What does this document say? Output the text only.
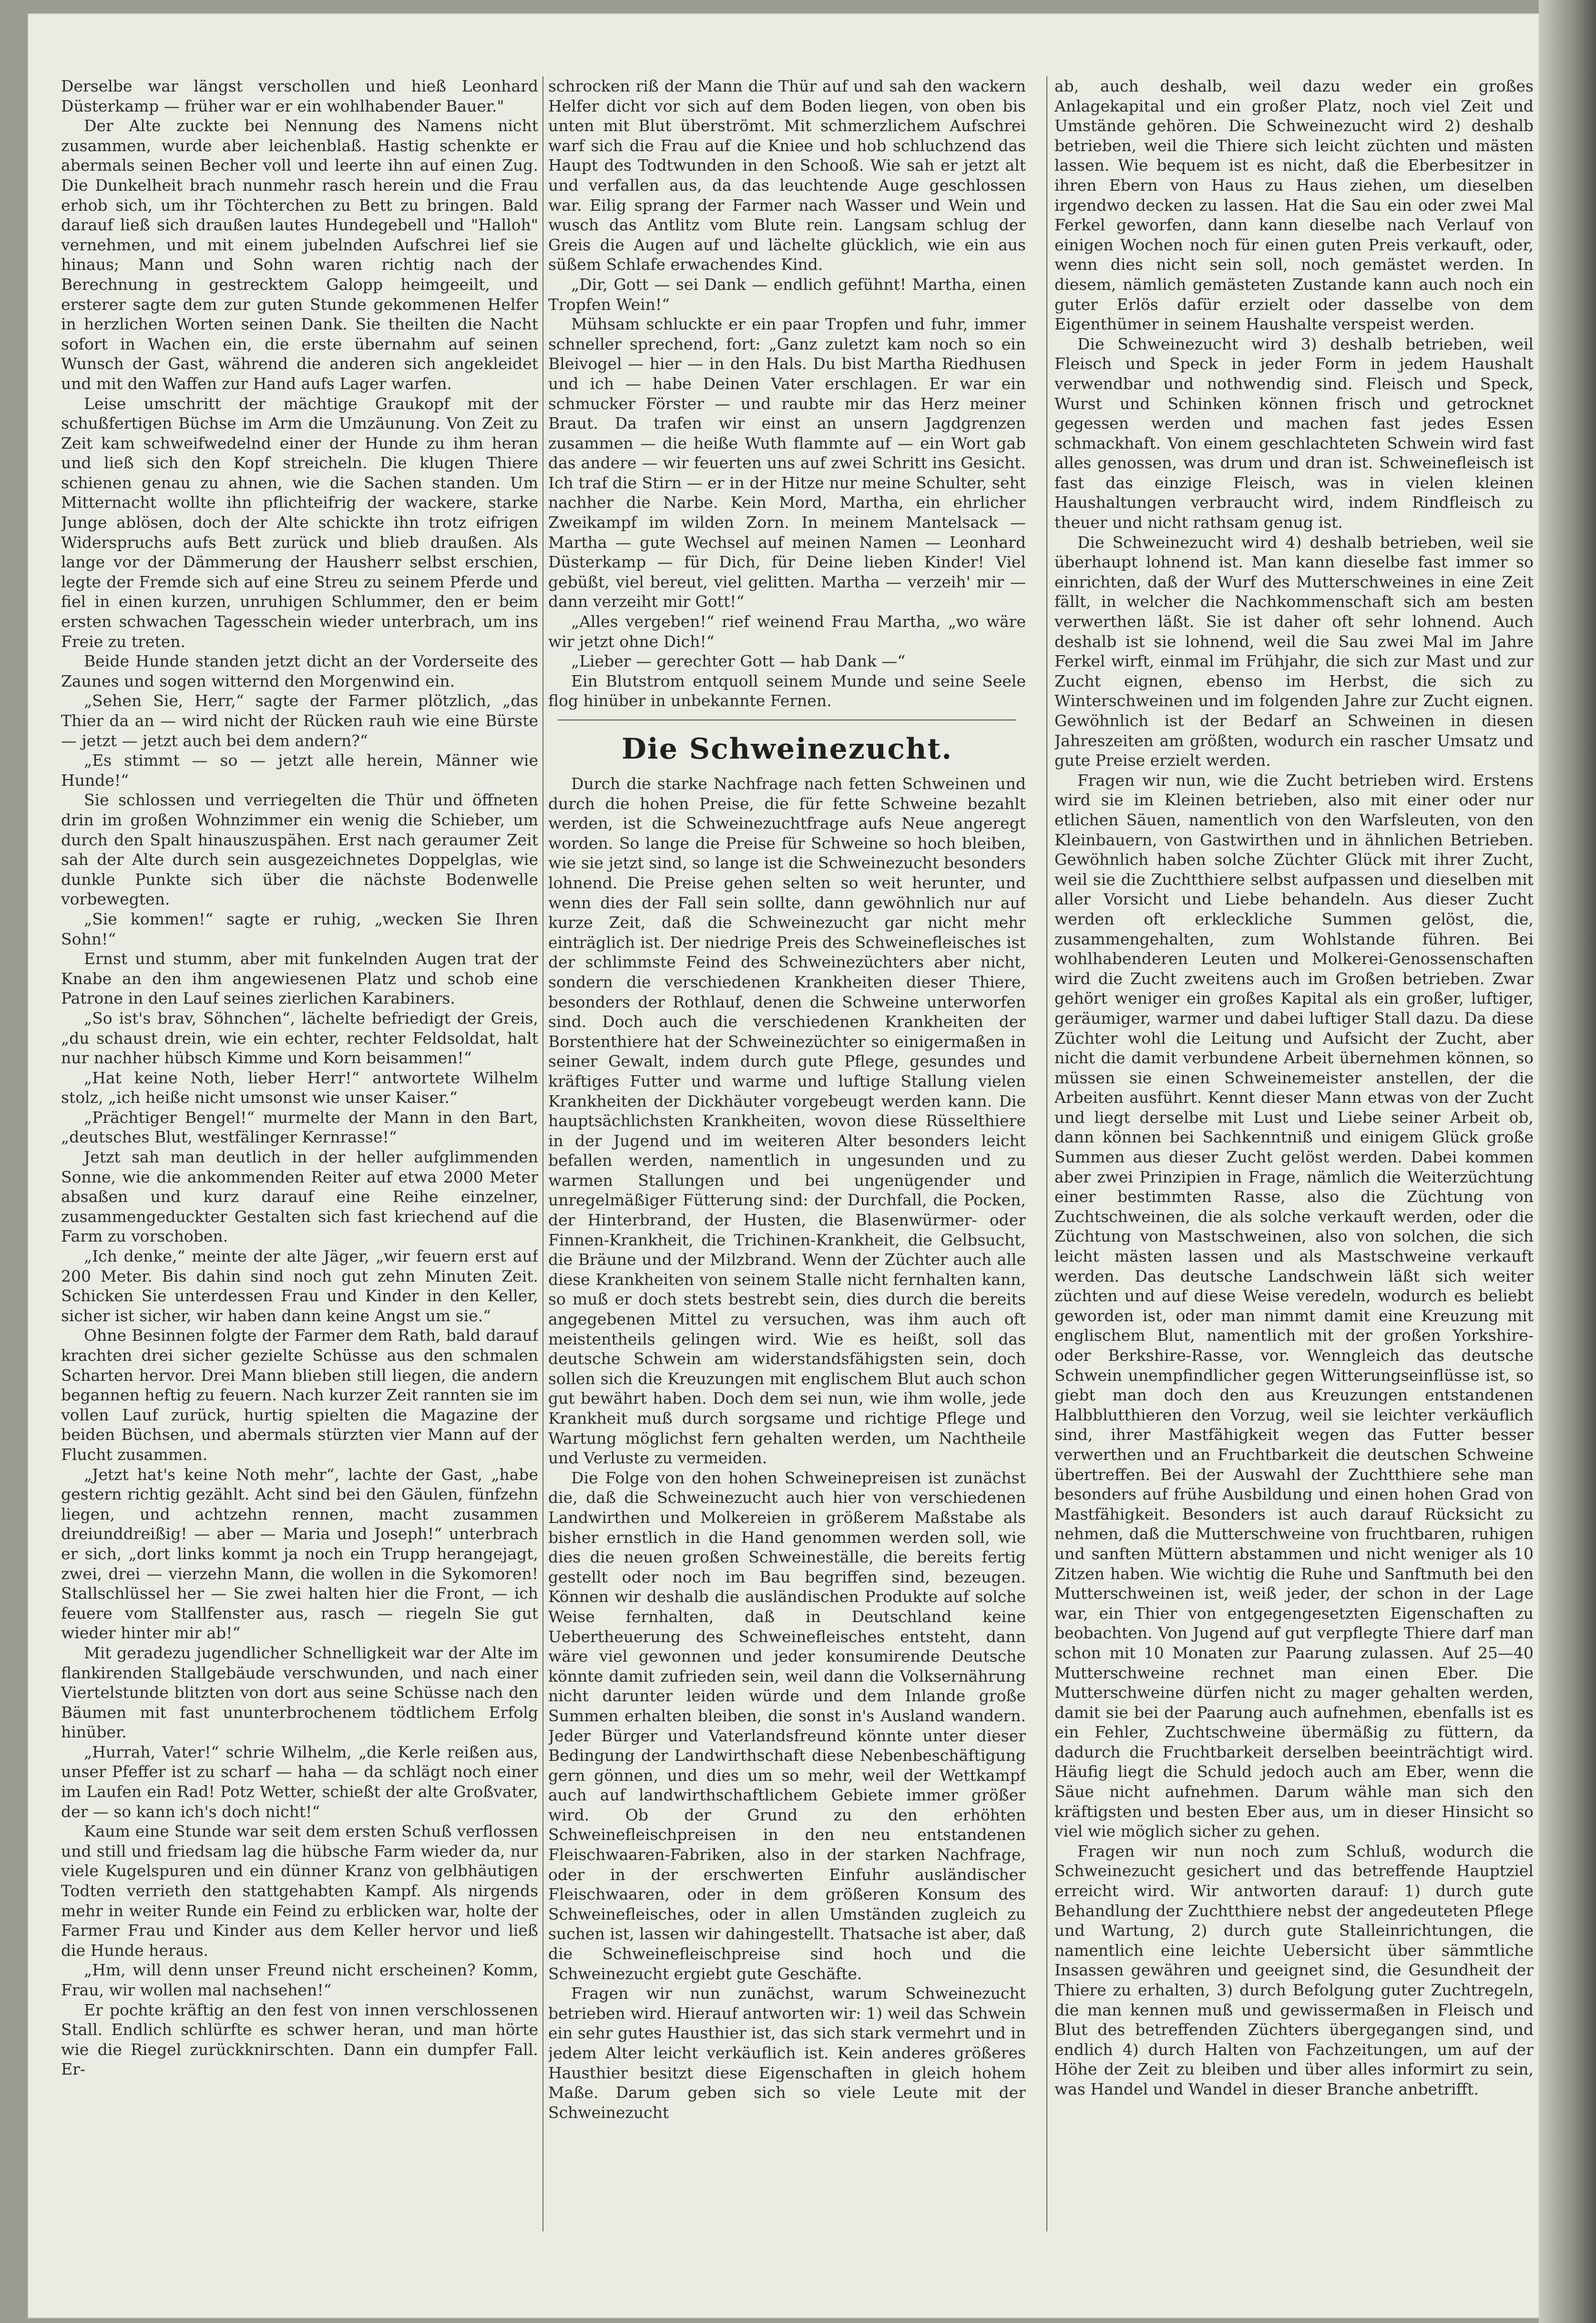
Derselbe war längst verschollen und hieß Leonhard Düsterkamp — früher war er ein wohlhabender Bauer."

Der Alte zuckte bei Nennung des Namens nicht zusammen, wurde aber leichenblaß. Hastig schenkte er abermals seinen Becher voll und leerte ihn auf einen Zug. Die Dunkelheit brach nunmehr rasch herein und die Frau erhob sich, um ihr Töchterchen zu Bett zu bringen. Bald darauf ließ sich draußen lautes Hundegebell und "Halloh" vernehmen, und mit einem jubelnden Aufschrei lief sie hinaus; Mann und Sohn waren richtig nach der Berechnung in gestrecktem Galopp heimgeeilt, und ersterer sagte dem zur guten Stunde gekommenen Helfer in herzlichen Worten seinen Dank. Sie theilten die Nacht sofort in Wachen ein, die erste übernahm auf seinen Wunsch der Gast, während die anderen sich angekleidet und mit den Waffen zur Hand aufs Lager warfen.

Leise umschritt der mächtige Graukopf mit der schußfertigen Büchse im Arm die Umzäunung. Von Zeit zu Zeit kam schweifwedelnd einer der Hunde zu ihm heran und ließ sich den Kopf streicheln. Die klugen Thiere schienen genau zu ahnen, wie die Sachen standen. Um Mitternacht wollte ihn pflichteifrig der wackere, starke Junge ablösen, doch der Alte schickte ihn trotz eifrigen Widerspruchs aufs Bett zurück und blieb draußen. Als lange vor der Dämmerung der Hausherr selbst erschien, legte der Fremde sich auf eine Streu zu seinem Pferde und fiel in einen kurzen, unruhigen Schlummer, den er beim ersten schwachen Tagesschein wieder unterbrach, um ins Freie zu treten.

Beide Hunde standen jetzt dicht an der Vorderseite des Zaunes und sogen witternd den Morgenwind ein.

„Sehen Sie, Herr,“ sagte der Farmer plötzlich, „das Thier da an — wird nicht der Rücken rauh wie eine Bürste — jetzt — jetzt auch bei dem andern?“

„Es stimmt — so — jetzt alle herein, Männer wie Hunde!“

Sie schlossen und verriegelten die Thür und öffneten drin im großen Wohnzimmer ein wenig die Schieber, um durch den Spalt hinauszuspähen. Erst nach geraumer Zeit sah der Alte durch sein ausgezeichnetes Doppelglas, wie dunkle Punkte sich über die nächste Bodenwelle vorbewegten.

„Sie kommen!“ sagte er ruhig, „wecken Sie Ihren Sohn!“

Ernst und stumm, aber mit funkelnden Augen trat der Knabe an den ihm angewiesenen Platz und schob eine Patrone in den Lauf seines zierlichen Karabiners.

„So ist's brav, Söhnchen“, lächelte befriedigt der Greis, „du schaust drein, wie ein echter, rechter Feldsoldat, halt nur nachher hübsch Kimme und Korn beisammen!“

„Hat keine Noth, lieber Herr!“ antwortete Wilhelm stolz, „ich heiße nicht umsonst wie unser Kaiser.“

„Prächtiger Bengel!“ murmelte der Mann in den Bart, „deutsches Blut, westfälinger Kernrasse!“

Jetzt sah man deutlich in der heller aufglimmenden Sonne, wie die ankommenden Reiter auf etwa 2000 Meter absaßen und kurz darauf eine Reihe einzelner, zusammengeduckter Gestalten sich fast kriechend auf die Farm zu vorschoben.

„Ich denke,“ meinte der alte Jäger, „wir feuern erst auf 200 Meter. Bis dahin sind noch gut zehn Minuten Zeit. Schicken Sie unterdessen Frau und Kinder in den Keller, sicher ist sicher, wir haben dann keine Angst um sie.“

Ohne Besinnen folgte der Farmer dem Rath, bald darauf krachten drei sicher gezielte Schüsse aus den schmalen Scharten hervor. Drei Mann blieben still liegen, die andern begannen heftig zu feuern. Nach kurzer Zeit rannten sie im vollen Lauf zurück, hurtig spielten die Magazine der beiden Büchsen, und abermals stürzten vier Mann auf der Flucht zusammen.

„Jetzt hat's keine Noth mehr“, lachte der Gast, „habe gestern richtig gezählt. Acht sind bei den Gäulen, fünfzehn liegen, und achtzehn rennen, macht zusammen dreiunddreißig! — aber — Maria und Joseph!“ unterbrach er sich, „dort links kommt ja noch ein Trupp herangejagt, zwei, drei — vierzehn Mann, die wollen in die Sykomoren! Stallschlüssel her — Sie zwei halten hier die Front, — ich feuere vom Stallfenster aus, rasch — riegeln Sie gut wieder hinter mir ab!“

Mit geradezu jugendlicher Schnelligkeit war der Alte im flankirenden Stallgebäude verschwunden, und nach einer Viertelstunde blitzten von dort aus seine Schüsse nach den Bäumen mit fast ununterbrochenem tödtlichem Erfolg hinüber.

„Hurrah, Vater!“ schrie Wilhelm, „die Kerle reißen aus, unser Pfeffer ist zu scharf — haha — da schlägt noch einer im Laufen ein Rad! Potz Wetter, schießt der alte Großvater, der — so kann ich's doch nicht!“

Kaum eine Stunde war seit dem ersten Schuß verflossen und still und friedsam lag die hübsche Farm wieder da, nur viele Kugelspuren und ein dünner Kranz von gelbhäutigen Todten verrieth den stattgehabten Kampf. Als nirgends mehr in weiter Runde ein Feind zu erblicken war, holte der Farmer Frau und Kinder aus dem Keller hervor und ließ die Hunde heraus.

„Hm, will denn unser Freund nicht erscheinen? Komm, Frau, wir wollen mal nachsehen!“

Er pochte kräftig an den fest von innen verschlossenen Stall. Endlich schlürfte es schwer heran, und man hörte wie die Riegel zurückknirschten. Dann ein dumpfer Fall. Er-

schrocken riß der Mann die Thür auf und sah den wackern Helfer dicht vor sich auf dem Boden liegen, von oben bis unten mit Blut überströmt. Mit schmerzlichem Aufschrei warf sich die Frau auf die Kniee und hob schluchzend das Haupt des Todtwunden in den Schooß. Wie sah er jetzt alt und verfallen aus, da das leuchtende Auge geschlossen war. Eilig sprang der Farmer nach Wasser und Wein und wusch das Antlitz vom Blute rein. Langsam schlug der Greis die Augen auf und lächelte glücklich, wie ein aus süßem Schlafe erwachendes Kind.

„Dir, Gott — sei Dank — endlich gefühnt! Martha, einen Tropfen Wein!“

Mühsam schluckte er ein paar Tropfen und fuhr, immer schneller sprechend, fort: „Ganz zuletzt kam noch so ein Bleivogel — hier — in den Hals. Du bist Martha Riedhusen und ich — habe Deinen Vater erschlagen. Er war ein schmucker Förster — und raubte mir das Herz meiner Braut. Da trafen wir einst an unsern Jagdgrenzen zusammen — die heiße Wuth flammte auf — ein Wort gab das andere — wir feuerten uns auf zwei Schritt ins Gesicht. Ich traf die Stirn — er in der Hitze nur meine Schulter, seht nachher die Narbe. Kein Mord, Martha, ein ehrlicher Zweikampf im wilden Zorn. In meinem Mantelsack — Martha — gute Wechsel auf meinen Namen — Leonhard Düsterkamp — für Dich, für Deine lieben Kinder! Viel gebüßt, viel bereut, viel gelitten. Martha — verzeih' mir — dann verzeiht mir Gott!“

„Alles vergeben!“ rief weinend Frau Martha, „wo wäre wir jetzt ohne Dich!“

„Lieber — gerechter Gott — hab Dank —“

Ein Blutstrom entquoll seinem Munde und seine Seele flog hinüber in unbekannte Fernen.

Die Schweinezucht.

Durch die starke Nachfrage nach fetten Schweinen und durch die hohen Preise, die für fette Schweine bezahlt werden, ist die Schweinezuchtfrage aufs Neue angeregt worden. So lange die Preise für Schweine so hoch bleiben, wie sie jetzt sind, so lange ist die Schweinezucht besonders lohnend. Die Preise gehen selten so weit herunter, und wenn dies der Fall sein sollte, dann gewöhnlich nur auf kurze Zeit, daß die Schweinezucht gar nicht mehr einträglich ist. Der niedrige Preis des Schweinefleisches ist der schlimmste Feind des Schweinezüchters aber nicht, sondern die verschiedenen Krankheiten dieser Thiere, besonders der Rothlauf, denen die Schweine unterworfen sind. Doch auch die verschiedenen Krankheiten der Borstenthiere hat der Schweinezüchter so einigermaßen in seiner Gewalt, indem durch gute Pflege, gesundes und kräftiges Futter und warme und luftige Stallung vielen Krankheiten der Dickhäuter vorgebeugt werden kann. Die hauptsächlichsten Krankheiten, wovon diese Rüsselthiere in der Jugend und im weiteren Alter besonders leicht befallen werden, namentlich in ungesunden und zu warmen Stallungen und bei ungenügender und unregelmäßiger Fütterung sind: der Durchfall, die Pocken, der Hinterbrand, der Husten, die Blasenwürmer- oder Finnen-Krankheit, die Trichinen-Krankheit, die Gelbsucht, die Bräune und der Milzbrand. Wenn der Züchter auch alle diese Krankheiten von seinem Stalle nicht fernhalten kann, so muß er doch stets bestrebt sein, dies durch die bereits angegebenen Mittel zu versuchen, was ihm auch oft meistentheils gelingen wird. Wie es heißt, soll das deutsche Schwein am widerstandsfähigsten sein, doch sollen sich die Kreuzungen mit englischem Blut auch schon gut bewährt haben. Doch dem sei nun, wie ihm wolle, jede Krankheit muß durch sorgsame und richtige Pflege und Wartung möglichst fern gehalten werden, um Nachtheile und Verluste zu vermeiden.

Die Folge von den hohen Schweinepreisen ist zunächst die, daß die Schweinezucht auch hier von verschiedenen Landwirthen und Molkereien in größerem Maßstabe als bisher ernstlich in die Hand genommen werden soll, wie dies die neuen großen Schweineställe, die bereits fertig gestellt oder noch im Bau begriffen sind, bezeugen. Können wir deshalb die ausländischen Produkte auf solche Weise fernhalten, daß in Deutschland keine Uebertheuerung des Schweinefleisches entsteht, dann wäre viel gewonnen und jeder konsumirende Deutsche könnte damit zufrieden sein, weil dann die Volksernährung nicht darunter leiden würde und dem Inlande große Summen erhalten bleiben, die sonst in's Ausland wandern. Jeder Bürger und Vaterlandsfreund könnte unter dieser Bedingung der Landwirthschaft diese Nebenbeschäftigung gern gönnen, und dies um so mehr, weil der Wettkampf auch auf landwirthschaftlichem Gebiete immer größer wird. Ob der Grund zu den erhöhten Schweinefleischpreisen in den neu entstandenen Fleischwaaren-Fabriken, also in der starken Nachfrage, oder in der erschwerten Einfuhr ausländischer Fleischwaaren, oder in dem größeren Konsum des Schweinefleisches, oder in allen Umständen zugleich zu suchen ist, lassen wir dahingestellt. Thatsache ist aber, daß die Schweinefleischpreise sind hoch und die Schweinezucht ergiebt gute Geschäfte.

Fragen wir nun zunächst, warum Schweinezucht betrieben wird. Hierauf antworten wir: 1) weil das Schwein ein sehr gutes Hausthier ist, das sich stark vermehrt und in jedem Alter leicht verkäuflich ist. Kein anderes größeres Hausthier besitzt diese Eigenschaften in gleich hohem Maße. Darum geben sich so viele Leute mit der Schweinezucht

ab, auch deshalb, weil dazu weder ein großes Anlagekapital und ein großer Platz, noch viel Zeit und Umstände gehören. Die Schweinezucht wird 2) deshalb betrieben, weil die Thiere sich leicht züchten und mästen lassen. Wie bequem ist es nicht, daß die Eberbesitzer in ihren Ebern von Haus zu Haus ziehen, um dieselben irgendwo decken zu lassen. Hat die Sau ein oder zwei Mal Ferkel geworfen, dann kann dieselbe nach Verlauf von einigen Wochen noch für einen guten Preis verkauft, oder, wenn dies nicht sein soll, noch gemästet werden. In diesem, nämlich gemästeten Zustande kann auch noch ein guter Erlös dafür erzielt oder dasselbe von dem Eigenthümer in seinem Haushalte verspeist werden.

Die Schweinezucht wird 3) deshalb betrieben, weil Fleisch und Speck in jeder Form in jedem Haushalt verwendbar und nothwendig sind. Fleisch und Speck, Wurst und Schinken können frisch und getrocknet gegessen werden und machen fast jedes Essen schmackhaft. Von einem geschlachteten Schwein wird fast alles genossen, was drum und dran ist. Schweinefleisch ist fast das einzige Fleisch, was in vielen kleinen Haushaltungen verbraucht wird, indem Rindfleisch zu theuer und nicht rathsam genug ist.

Die Schweinezucht wird 4) deshalb betrieben, weil sie überhaupt lohnend ist. Man kann dieselbe fast immer so einrichten, daß der Wurf des Mutterschweines in eine Zeit fällt, in welcher die Nachkommenschaft sich am besten verwerthen läßt. Sie ist daher oft sehr lohnend. Auch deshalb ist sie lohnend, weil die Sau zwei Mal im Jahre Ferkel wirft, einmal im Frühjahr, die sich zur Mast und zur Zucht eignen, ebenso im Herbst, die sich zu Winterschweinen und im folgenden Jahre zur Zucht eignen. Gewöhnlich ist der Bedarf an Schweinen in diesen Jahreszeiten am größten, wodurch ein rascher Umsatz und gute Preise erzielt werden.

Fragen wir nun, wie die Zucht betrieben wird. Erstens wird sie im Kleinen betrieben, also mit einer oder nur etlichen Säuen, namentlich von den Warfsleuten, von den Kleinbauern, von Gastwirthen und in ähnlichen Betrieben. Gewöhnlich haben solche Züchter Glück mit ihrer Zucht, weil sie die Zuchtthiere selbst aufpassen und dieselben mit aller Vorsicht und Liebe behandeln. Aus dieser Zucht werden oft erkleckliche Summen gelöst, die, zusammengehalten, zum Wohlstande führen. Bei wohlhabenderen Leuten und Molkerei-Genossenschaften wird die Zucht zweitens auch im Großen betrieben. Zwar gehört weniger ein großes Kapital als ein großer, luftiger, geräumiger, warmer und dabei luftiger Stall dazu. Da diese Züchter wohl die Leitung und Aufsicht der Zucht, aber nicht die damit verbundene Arbeit übernehmen können, so müssen sie einen Schweinemeister anstellen, der die Arbeiten ausführt. Kennt dieser Mann etwas von der Zucht und liegt derselbe mit Lust und Liebe seiner Arbeit ob, dann können bei Sachkenntniß und einigem Glück große Summen aus dieser Zucht gelöst werden. Dabei kommen aber zwei Prinzipien in Frage, nämlich die Weiterzüchtung einer bestimmten Rasse, also die Züchtung von Zuchtschweinen, die als solche verkauft werden, oder die Züchtung von Mastschweinen, also von solchen, die sich leicht mästen lassen und als Mastschweine verkauft werden. Das deutsche Landschwein läßt sich weiter züchten und auf diese Weise veredeln, wodurch es beliebt geworden ist, oder man nimmt damit eine Kreuzung mit englischem Blut, namentlich mit der großen Yorkshire- oder Berkshire-Rasse, vor. Wenngleich das deutsche Schwein unempfindlicher gegen Witterungseinflüsse ist, so giebt man doch den aus Kreuzungen entstandenen Halbblutthieren den Vorzug, weil sie leichter verkäuflich sind, ihrer Mastfähigkeit wegen das Futter besser verwerthen und an Fruchtbarkeit die deutschen Schweine übertreffen. Bei der Auswahl der Zuchtthiere sehe man besonders auf frühe Ausbildung und einen hohen Grad von Mastfähigkeit. Besonders ist auch darauf Rücksicht zu nehmen, daß die Mutterschweine von fruchtbaren, ruhigen und sanften Müttern abstammen und nicht weniger als 10 Zitzen haben. Wie wichtig die Ruhe und Sanftmuth bei den Mutterschweinen ist, weiß jeder, der schon in der Lage war, ein Thier von entgegengesetzten Eigenschaften zu beobachten. Von Jugend auf gut verpflegte Thiere darf man schon mit 10 Monaten zur Paarung zulassen. Auf 25—40 Mutterschweine rechnet man einen Eber. Die Mutterschweine dürfen nicht zu mager gehalten werden, damit sie bei der Paarung auch aufnehmen, ebenfalls ist es ein Fehler, Zuchtschweine übermäßig zu füttern, da dadurch die Fruchtbarkeit derselben beeinträchtigt wird. Häufig liegt die Schuld jedoch auch am Eber, wenn die Säue nicht aufnehmen. Darum wähle man sich den kräftigsten und besten Eber aus, um in dieser Hinsicht so viel wie möglich sicher zu gehen.

Fragen wir nun noch zum Schluß, wodurch die Schweinezucht gesichert und das betreffende Hauptziel erreicht wird. Wir antworten darauf: 1) durch gute Behandlung der Zuchtthiere nebst der angedeuteten Pflege und Wartung, 2) durch gute Stalleinrichtungen, die namentlich eine leichte Uebersicht über sämmtliche Insassen gewähren und geeignet sind, die Gesundheit der Thiere zu erhalten, 3) durch Befolgung guter Zuchtregeln, die man kennen muß und gewissermaßen in Fleisch und Blut des betreffenden Züchters übergegangen sind, und endlich 4) durch Halten von Fachzeitungen, um auf der Höhe der Zeit zu bleiben und über alles informirt zu sein, was Handel und Wandel in dieser Branche anbetrifft.
